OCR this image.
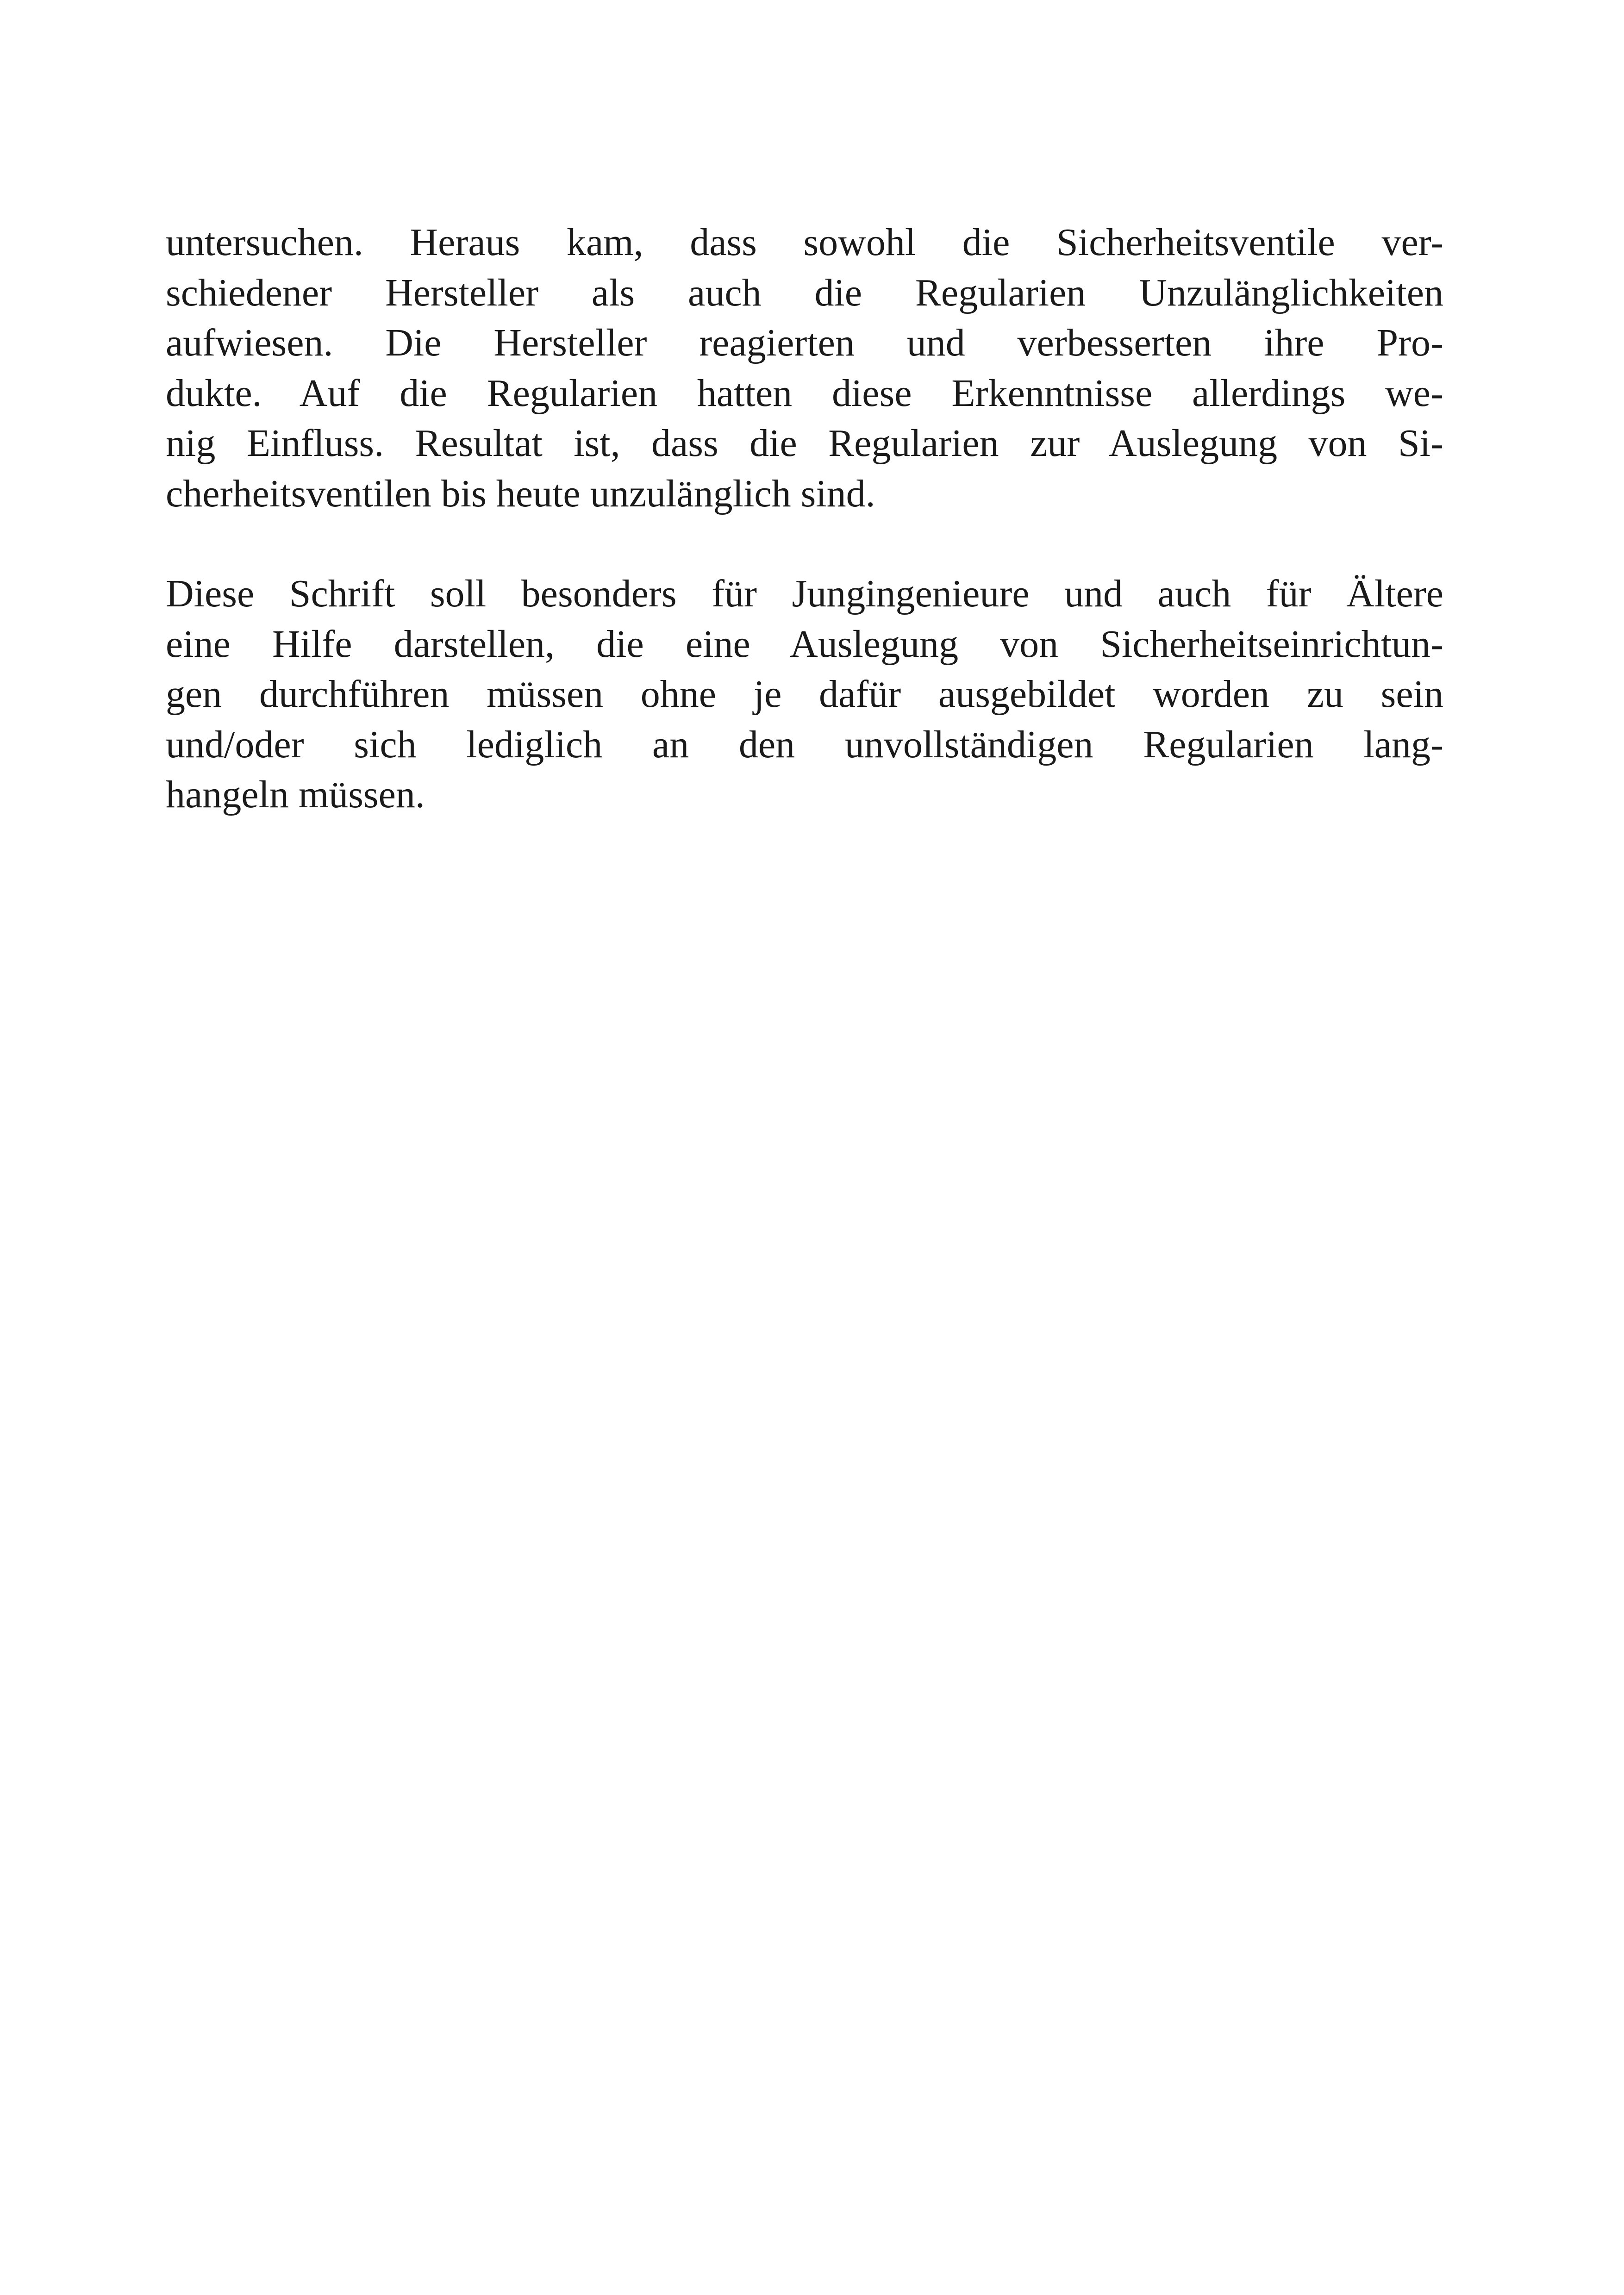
untersuchen. Heraus kam, dass sowohl die Sicherheitsventile ver-
schiedener Hersteller als auch die Regularien Unzulänglichkeiten
aufwiesen. Die Hersteller reagierten und verbesserten ihre Pro-
dukte. Auf die Regularien hatten diese Erkenntnisse allerdings we-
nig Einfluss. Resultat ist, dass die Regularien zur Auslegung von Si-
cherheitsventilen bis heute unzulänglich sind.

Diese Schrift soll besonders für Jungingenieure und auch für Ältere
eine Hilfe darstellen, die eine Auslegung von Sicherheitseinrichtun-
gen durchführen müssen ohne je dafür ausgebildet worden zu sein
und/oder sich lediglich an den unvollständigen Regularien lang-
hangeln müssen.
